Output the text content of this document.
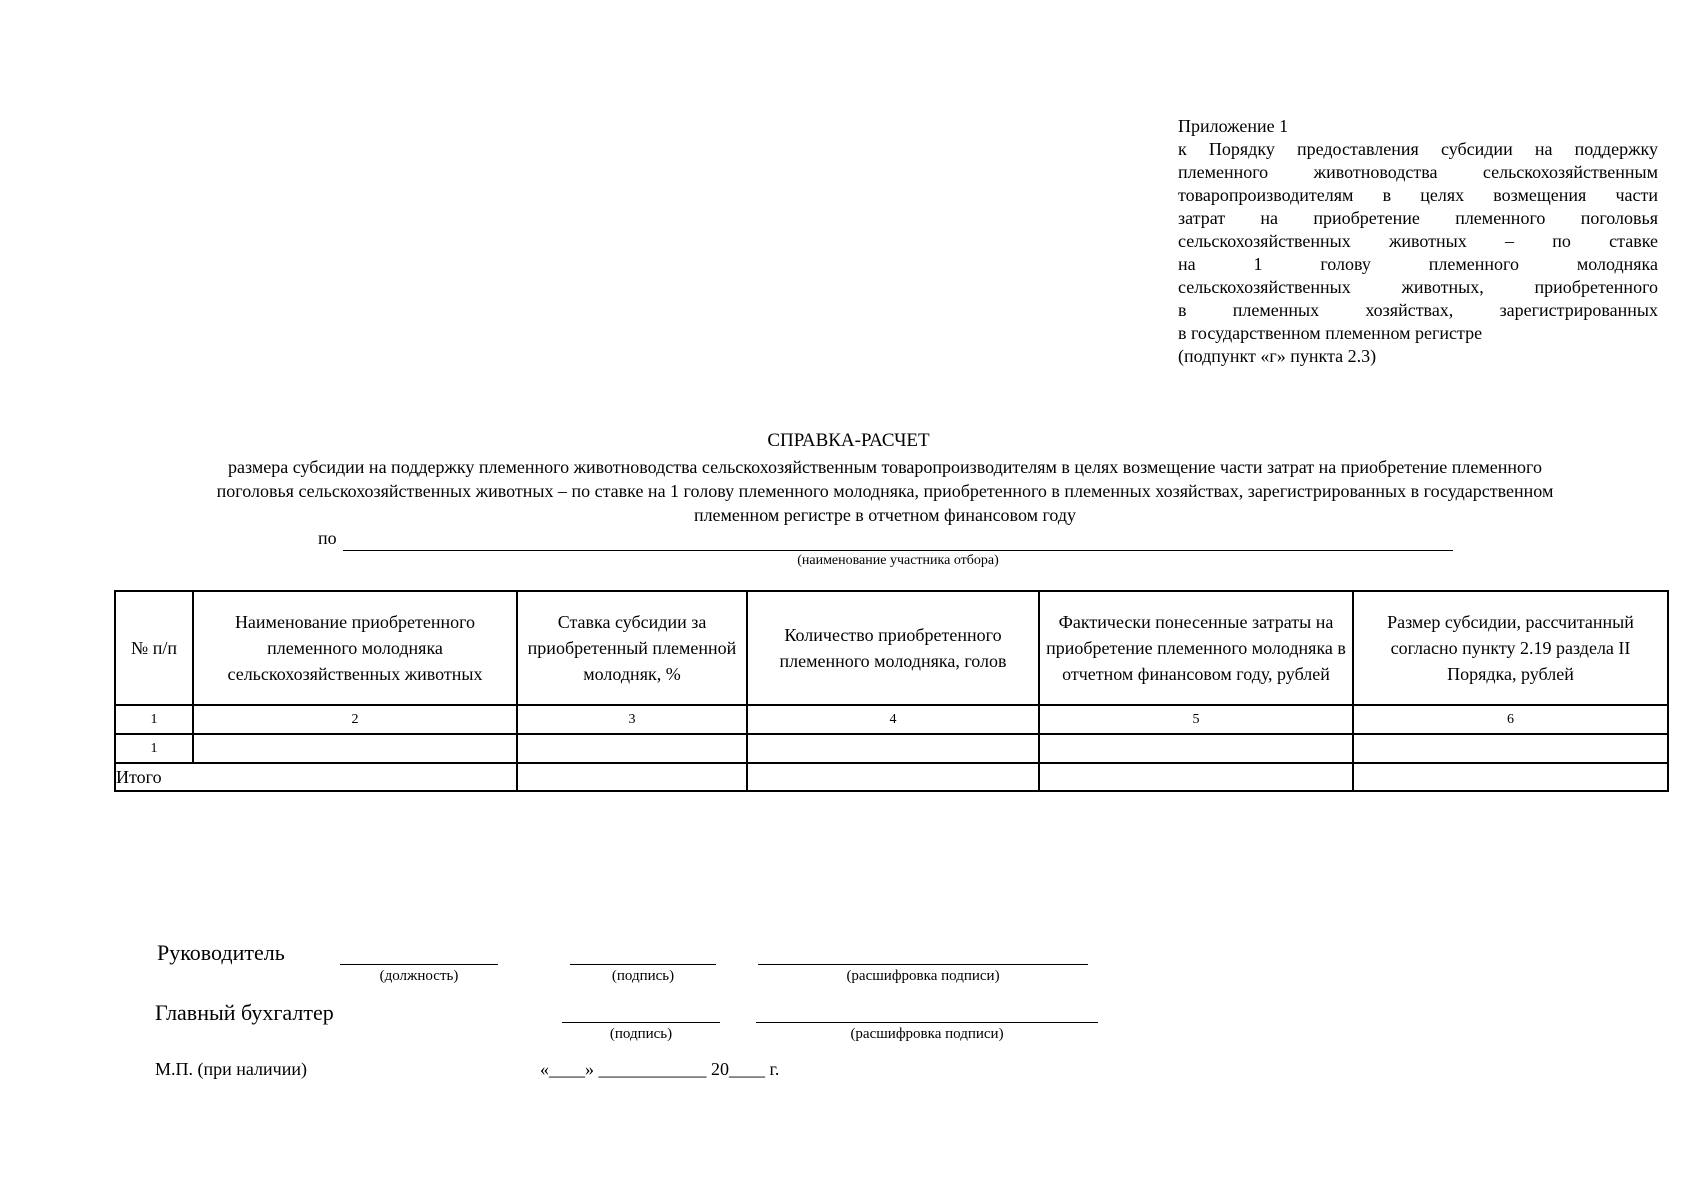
Приложение 1
к Порядку предоставления субсидии на поддержку
племенного животноводства сельскохозяйственным
товаропроизводителям в целях возмещения части
затрат на приобретение племенного поголовья
сельскохозяйственных животных – по ставке
на 1 голову племенного молодняка
сельскохозяйственных животных, приобретенного
в племенных хозяйствах, зарегистрированных
в государственном племенном регистре
(подпункт «г» пункта 2.3)
СПРАВКА-РАСЧЕТ
размера субсидии на поддержку племенного животноводства сельскохозяйственным товаропроизводителям в целях возмещение части затрат на приобретение племенного
поголовья сельскохозяйственных животных – по ставке на 1 голову племенного молодняка, приобретенного в племенных хозяйствах, зарегистрированных в государственном
племенном регистре в отчетном финансовом году
по
(наименование участника отбора)
№ п/п	Наименование приобретенного племенного молодняка сельскохозяйственных животных	Ставка субсидии за приобретенный племенной молодняк, %	Количество приобретенного племенного молодняка, голов	Фактически понесенные затраты на приобретение племенного молодняка в отчетном финансовом году, рублей	Размер субсидии, рассчитанный согласно пункту 2.19 раздела II Порядка, рублей
1	2	3	4	5	6
1					
Итого					
Руководитель
(должность)	(подпись)	(расшифровка подписи)
Главный бухгалтер
(подпись)	(расшифровка подписи)
М.П. (при наличии)	«____» ____________ 20____ г.
